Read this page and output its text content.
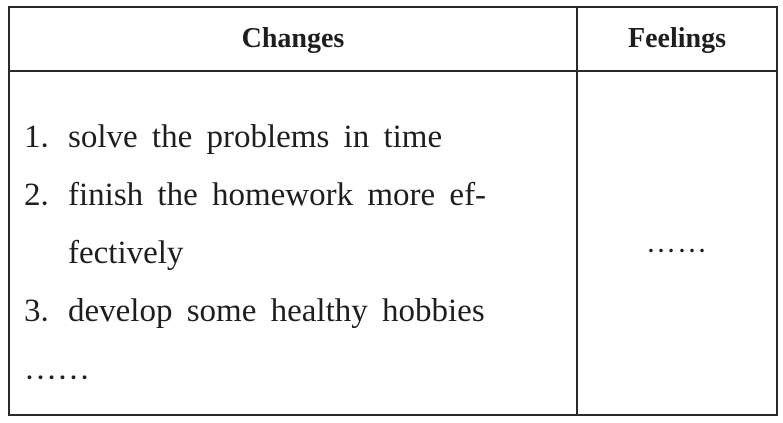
Changes	Feelings
1. solve the problems in time
2. finish the homework more ef-
fectively
3. develop some healthy hobbies
……
……
